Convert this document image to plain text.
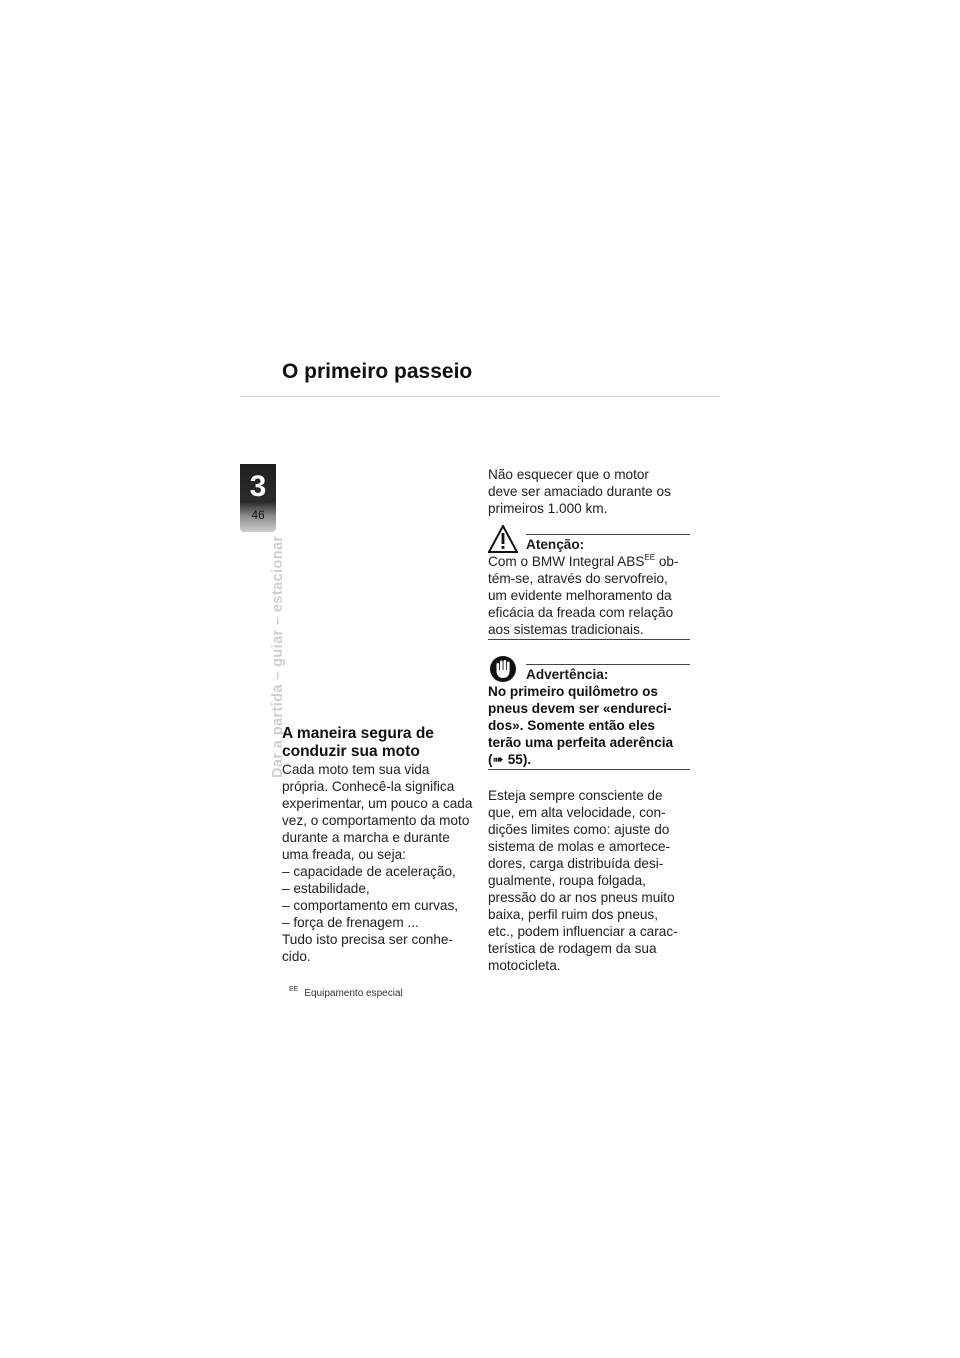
O primeiro passeio
3
46
Dar a partida – guiar – estacionar
A maneira segura de
conduzir sua moto
Cada moto tem sua vida
própria. Conhecê-la significa
experimentar, um pouco a cada
vez, o comportamento da moto
durante a marcha e durante
uma freada, ou seja:
– capacidade de aceleração,
– estabilidade,
– comportamento em curvas,
– força de frenagem ...
Tudo isto precisa ser conhe-
cido.
$^{EE}$ Equipamento especial
Não esquecer que o motor
deve ser amaciado durante os
primeiros 1.000 km.
Atenção:
Com o BMW Integral $ABS^{EE}$ ob-
tém-se, através do servofreio,
um evidente melhoramento da
eficácia da freada com relação
aos sistemas tradicionais.
Advertência:
No primeiro quilômetro os
pneus devem ser «endureci-
dos». Somente então eles
terão uma perfeita aderência
(➠ 55).
Esteja sempre consciente de
que, em alta velocidade, con-
dições limites como: ajuste do
sistema de molas e amortece-
dores, carga distribuída desi-
gualmente, roupa folgada,
pressão do ar nos pneus muito
baixa, perfil ruim dos pneus,
etc., podem influenciar a carac-
terística de rodagem da sua
motocicleta.
